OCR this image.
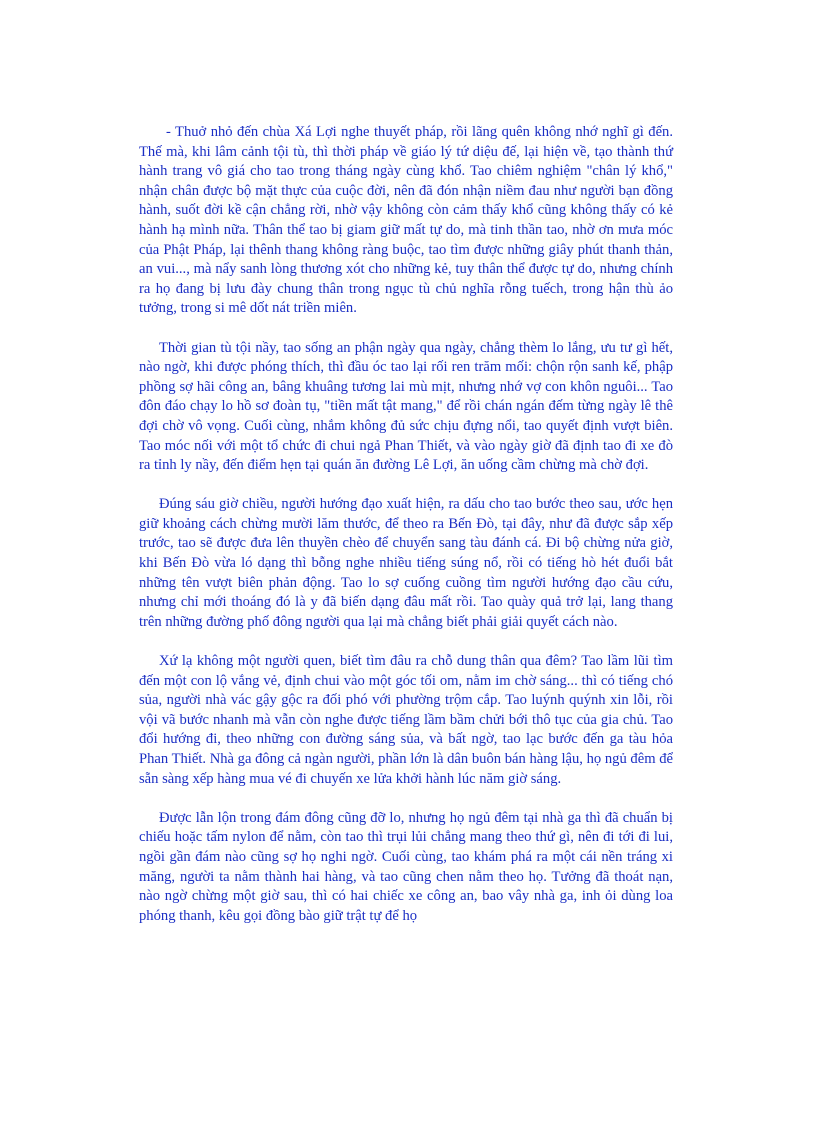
- Thuở nhỏ đến chùa Xá Lợi nghe thuyết pháp, rồi lãng quên không nhớ nghĩ gì đến. Thế mà, khi lâm cảnh tội tù, thì thời pháp về giáo lý tứ diệu đế, lại hiện về, tạo thành thứ hành trang vô giá cho tao trong tháng ngày cùng khổ. Tao chiêm nghiệm "chân lý khổ," nhận chân được bộ mặt thực của cuộc đời, nên đã đón nhận niềm đau như người bạn đồng hành, suốt đời kề cận chẳng rời, nhờ vậy không còn cảm thấy khổ cũng không thấy có kẻ hành hạ mình nữa. Thân thể tao bị giam giữ mất tự do, mà tinh thần tao, nhờ ơn mưa móc của Phật Pháp, lại thênh thang không ràng buộc, tao tìm được những giây phút thanh thản, an vui..., mà nẩy sanh lòng thương xót cho những kẻ, tuy thân thể được tự do, nhưng chính ra họ đang bị lưu đày chung thân trong ngục tù chủ nghĩa rỗng tuếch, trong hận thù ảo tưởng, trong si mê dốt nát triền miên.

Thời gian tù tội nầy, tao sống an phận ngày qua ngày, chẳng thèm lo lắng, ưu tư gì hết, nào ngờ, khi được phóng thích, thì đầu óc tao lại rối ren trăm mối: chộn rộn sanh kế, phập phồng sợ hãi công an, bâng khuâng tương lai mù mịt, nhưng nhớ vợ con khôn nguôi... Tao đôn đáo chạy lo hồ sơ đoàn tụ, "tiền mất tật mang," để rồi chán ngán đếm từng ngày lê thê đợi chờ vô vọng. Cuối cùng, nhắm không đủ sức chịu đựng nổi, tao quyết định vượt biên. Tao móc nối với một tổ chức đi chui ngả Phan Thiết, và vào ngày giờ đã định tao đi xe đò ra tỉnh ly nầy, đến điểm hẹn tại quán ăn đường Lê Lợi, ăn uống cầm chừng mà chờ đợi.

Đúng sáu giờ chiều, người hướng đạo xuất hiện, ra dấu cho tao bước theo sau, ước hẹn giữ khoảng cách chừng mười lăm thước, để theo ra Bến Đò, tại đây, như đã được sắp xếp trước, tao sẽ được đưa lên thuyền chèo để chuyển sang tàu đánh cá. Đi bộ chừng nửa giờ, khi Bến Đò vừa ló dạng thì bỗng nghe nhiều tiếng súng nổ, rồi có tiếng hò hét đuổi bắt những tên vượt biên phản động. Tao lo sợ cuống cuồng tìm người hướng đạo cầu cứu, nhưng chỉ mới thoáng đó là y đã biến dạng đâu mất rồi. Tao quày quả trở lại, lang thang trên những đường phố đông người qua lại mà chẳng biết phải giải quyết cách nào.

Xứ lạ không một người quen, biết tìm đâu ra chỗ dung thân qua đêm? Tao lầm lũi tìm đến một con lộ vắng vẻ, định chui vào một góc tối om, nằm im chờ sáng... thì có tiếng chó sủa, người nhà vác gậy gộc ra đối phó với phường trộm cắp. Tao luýnh quýnh xin lỗi, rồi vội vã bước nhanh mà vẫn còn nghe được tiếng lầm bầm chửi bới thô tục của gia chủ. Tao đổi hướng đi, theo những con đường sáng sủa, và bất ngờ, tao lạc bước đến ga tàu hỏa Phan Thiết. Nhà ga đông cả ngàn người, phần lớn là dân buôn bán hàng lậu, họ ngủ đêm để sẵn sàng xếp hàng mua vé đi chuyến xe lửa khởi hành lúc năm giờ sáng.

Được lẫn lộn trong đám đông cũng đỡ lo, nhưng họ ngủ đêm tại nhà ga thì đã chuẩn bị chiếu hoặc tấm nylon để nằm, còn tao thì trụi lủi chẳng mang theo thứ gì, nên đi tới đi lui, ngồi gần đám nào cũng sợ họ nghi ngờ. Cuối cùng, tao khám phá ra một cái nền tráng xi măng, người ta nằm thành hai hàng, và tao cũng chen nằm theo họ. Tưởng đã thoát nạn, nào ngờ chừng một giờ sau, thì có hai chiếc xe công an, bao vây nhà ga, inh ỏi dùng loa phóng thanh, kêu gọi đồng bào giữ trật tự để họ
